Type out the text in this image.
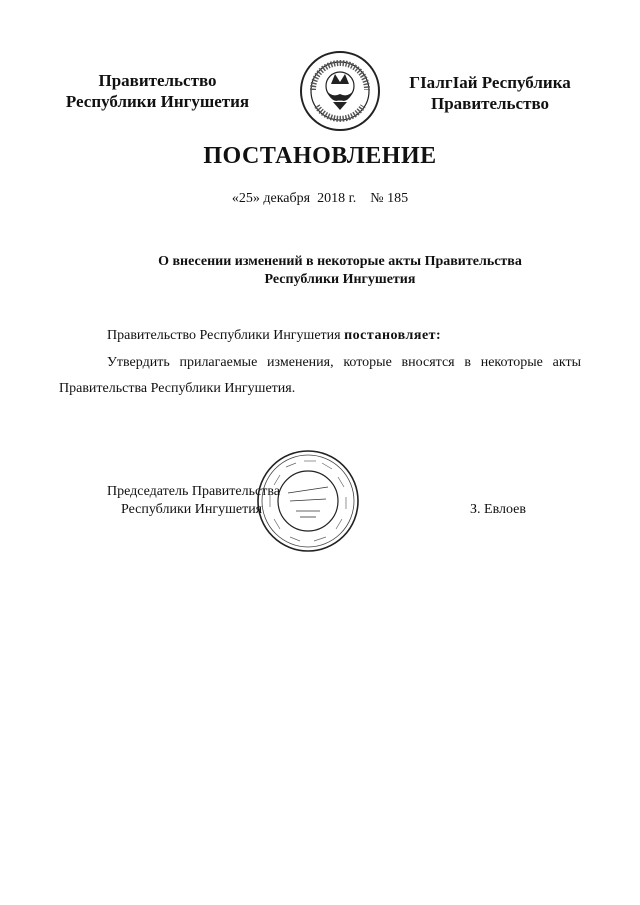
Правительство
Республики Ингушетия
ГIалгIай Республика
Правительство
ПОСТАНОВЛЕНИЕ
«25» декабря  2018 г. № 185
О внесении изменений в некоторые акты Правительства
Республики Ингушетия
Правительство Республики Ингушетия постановляет:
Утвердить прилагаемые изменения, которые вносятся в некоторые акты
Правительства Республики Ингушетия.
Председатель Правительства
Республики Ингушетия	З. Евлоев
